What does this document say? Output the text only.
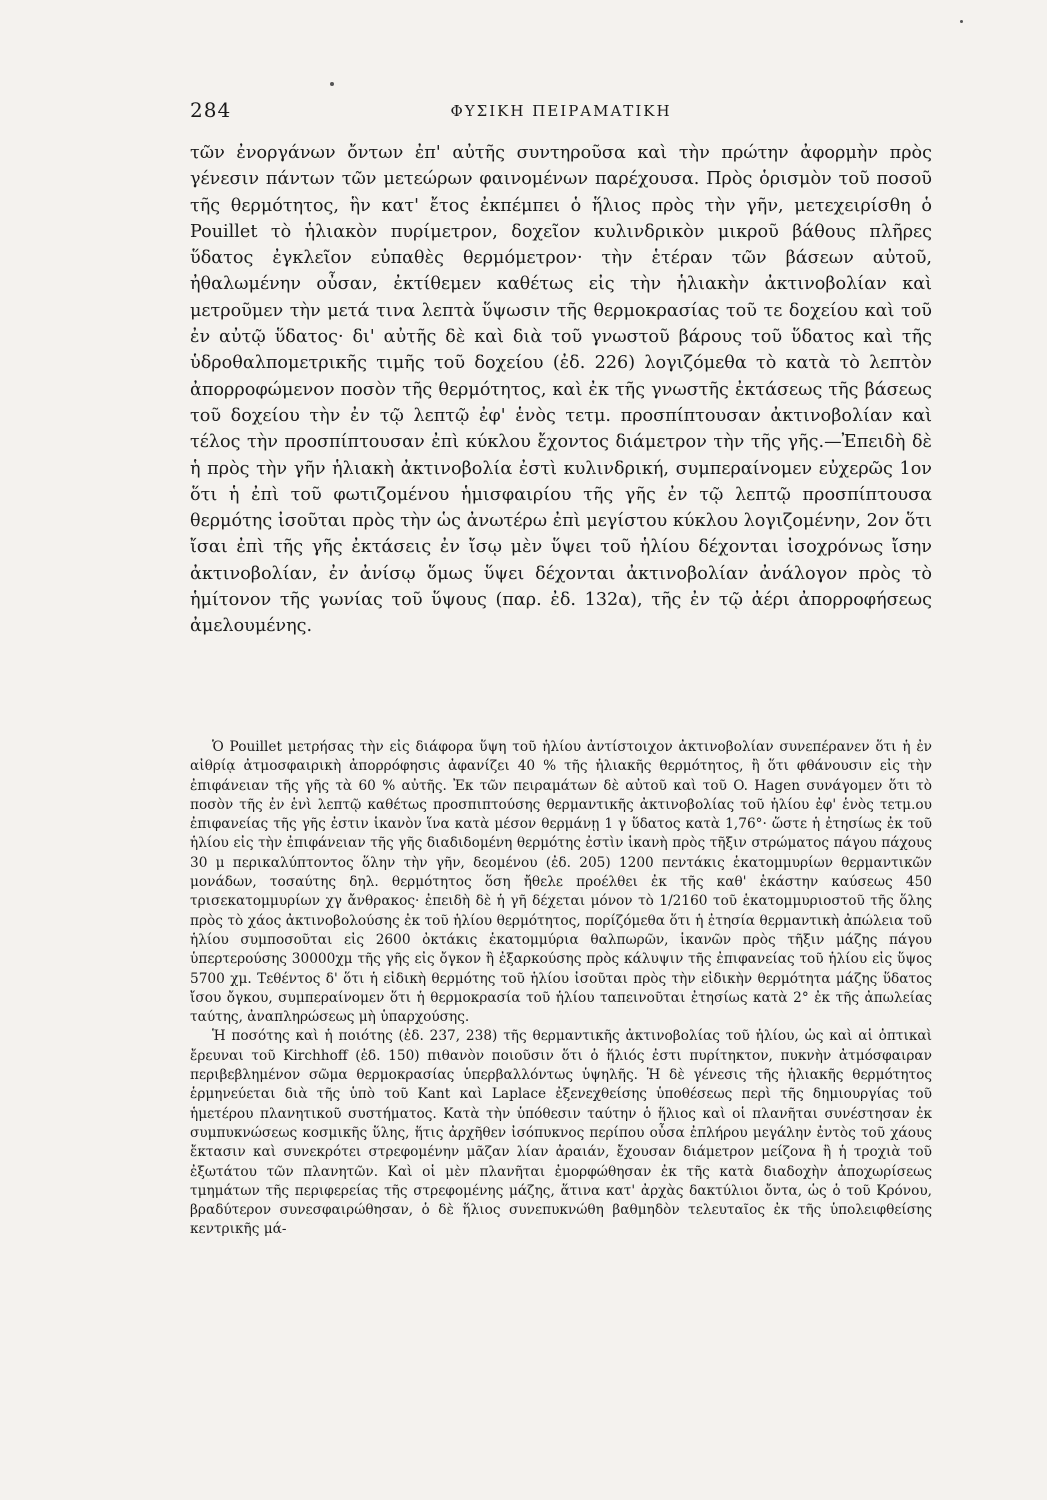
284	ΦΥΣΙΚΗ ΠΕΙΡΑΜΑΤΙΚΗ

τῶν ἐνοργάνων ὄντων ἐπ' αὐτῆς συντηροῦσα καὶ τὴν πρώτην ἀφορμὴν πρὸς γένεσιν πάντων τῶν μετεώρων φαινομένων παρέχουσα. Πρὸς ὁρισμὸν τοῦ ποσοῦ τῆς θερμότητος, ἣν κατ' ἔτος ἐκπέμπει ὁ ἥλιος πρὸς τὴν γῆν, μετεχειρίσθη ὁ Pouillet τὸ ἡλιακὸν πυρίμετρον, δοχεῖον κυλινδρικὸν μικροῦ βάθους πλῆρες ὕδατος ἐγκλεῖον εὐπαθὲς θερμόμετρον· τὴν ἑτέραν τῶν βάσεων αὐτοῦ, ἠθαλωμένην οὖσαν, ἐκτίθεμεν καθέτως εἰς τὴν ἡλιακὴν ἀκτινοβολίαν καὶ μετροῦμεν τὴν μετά τινα λεπτὰ ὕψωσιν τῆς θερμοκρασίας τοῦ τε δοχείου καὶ τοῦ ἐν αὐτῷ ὕδατος· δι' αὐτῆς δὲ καὶ διὰ τοῦ γνωστοῦ βάρους τοῦ ὕδατος καὶ τῆς ὑδροθαλπομετρικῆς τιμῆς τοῦ δοχείου (ἐδ. 226) λογιζόμεθα τὸ κατὰ τὸ λεπτὸν ἀπορροφώμενον ποσὸν τῆς θερμότητος, καὶ ἐκ τῆς γνωστῆς ἐκτάσεως τῆς βάσεως τοῦ δοχείου τὴν ἐν τῷ λεπτῷ ἐφ' ἑνὸς τετμ. προσπίπτουσαν ἀκτινοβολίαν καὶ τέλος τὴν προσπίπτουσαν ἐπὶ κύκλου ἔχοντος διάμετρον τὴν τῆς γῆς.—Ἐπειδὴ δὲ ἡ πρὸς τὴν γῆν ἡλιακὴ ἀκτινοβολία ἐστὶ κυλινδρική, συμπεραίνομεν εὐχερῶς 1ον ὅτι ἡ ἐπὶ τοῦ φωτιζομένου ἡμισφαιρίου τῆς γῆς ἐν τῷ λεπτῷ προσπίπτουσα θερμότης ἰσοῦται πρὸς τὴν ὡς ἀνωτέρω ἐπὶ μεγίστου κύκλου λογιζομένην, 2ον ὅτι ἴσαι ἐπὶ τῆς γῆς ἐκτάσεις ἐν ἴσῳ μὲν ὕψει τοῦ ἡλίου δέχονται ἰσοχρόνως ἴσην ἀκτινοβολίαν, ἐν ἀνίσῳ ὅμως ὕψει δέχονται ἀκτινοβολίαν ἀνάλογον πρὸς τὸ ἡμίτονον τῆς γωνίας τοῦ ὕψους (παρ. ἐδ. 132α), τῆς ἐν τῷ ἀέρι ἀπορροφήσεως ἀμελουμένης.

Ὁ Pouillet μετρήσας τὴν εἰς διάφορα ὕψη τοῦ ἡλίου ἀντίστοιχον ἀκτινοβολίαν συνεπέρανεν ὅτι ἡ ἐν αἰθρίᾳ ἀτμοσφαιρικὴ ἀπορρόφησις ἀφανίζει 40 % τῆς ἡλιακῆς θερμότητος, ἢ ὅτι φθάνουσιν εἰς τὴν ἐπιφάνειαν τῆς γῆς τὰ 60 % αὐτῆς. Ἐκ τῶν πειραμάτων δὲ αὐτοῦ καὶ τοῦ O. Hagen συνάγομεν ὅτι τὸ ποσὸν τῆς ἐν ἑνὶ λεπτῷ καθέτως προσπιπτούσης θερμαντικῆς ἀκτινοβολίας τοῦ ἡλίου ἐφ' ἑνὸς τετμ.ου ἐπιφανείας τῆς γῆς ἐστιν ἱκανὸν ἵνα κατὰ μέσον θερμάνῃ 1 γ ὕδατος κατὰ 1,76°· ὥστε ἡ ἐτησίως ἐκ τοῦ ἡλίου εἰς τὴν ἐπιφάνειαν τῆς γῆς διαδιδομένη θερμότης ἐστὶν ἱκανὴ πρὸς τῆξιν στρώματος πάγου πάχους 30 μ περικαλύπτοντος ὅλην τὴν γῆν, δεομένου (ἐδ. 205) 1200 πεντάκις ἑκατομμυρίων θερμαντικῶν μονάδων, τοσαύτης δηλ. θερμότητος ὅση ἤθελε προέλθει ἐκ τῆς καθ' ἑκάστην καύσεως 450 τρισεκατομμυρίων χγ ἄνθρακος· ἐπειδὴ δὲ ἡ γῆ δέχεται μόνον τὸ 1/2160 τοῦ ἑκατομμυριοστοῦ τῆς ὅλης πρὸς τὸ χάος ἀκτινοβολούσης ἐκ τοῦ ἡλίου θερμότητος, πορίζόμεθα ὅτι ἡ ἐτησία θερμαντικὴ ἀπώλεια τοῦ ἡλίου συμποσοῦται εἰς 2600 ὀκτάκις ἑκατομμύρια θαλπωρῶν, ἱκανῶν πρὸς τῆξιν μάζης πάγου ὑπερτερούσης 30000χμ τῆς γῆς εἰς ὄγκον ἢ ἐξαρκούσης πρὸς κάλυψιν τῆς ἐπιφανείας τοῦ ἡλίου εἰς ὕψος 5700 χμ. Τεθέντος δ' ὅτι ἡ εἰδικὴ θερμότης τοῦ ἡλίου ἰσοῦται πρὸς τὴν εἰδικὴν θερμότητα μάζης ὕδατος ἴσου ὄγκου, συμπεραίνομεν ὅτι ἡ θερμοκρασία τοῦ ἡλίου ταπεινοῦται ἐτησίως κατὰ 2° ἐκ τῆς ἀπωλείας ταύτης, ἀναπληρώσεως μὴ ὑπαρχούσης.

Ἡ ποσότης καὶ ἡ ποιότης (ἐδ. 237, 238) τῆς θερμαντικῆς ἀκτινοβολίας τοῦ ἡλίου, ὡς καὶ αἱ ὀπτικαὶ ἔρευναι τοῦ Kirchhoff (ἐδ. 150) πιθανὸν ποιοῦσιν ὅτι ὁ ἥλιός ἐστι πυρίτηκτον, πυκνὴν ἀτμόσφαιραν περιβεβλημένον σῶμα θερμοκρασίας ὑπερβαλλόντως ὑψηλῆς. Ἡ δὲ γένεσις τῆς ἡλιακῆς θερμότητος ἑρμηνεύεται διὰ τῆς ὑπὸ τοῦ Kant καὶ Laplace ἐξενεχθείσης ὑποθέσεως περὶ τῆς δημιουργίας τοῦ ἡμετέρου πλανητικοῦ συστήματος. Κατὰ τὴν ὑπόθεσιν ταύτην ὁ ἥλιος καὶ οἱ πλανῆται συνέστησαν ἐκ συμπυκνώσεως κοσμικῆς ὕλης, ἥτις ἀρχῆθεν ἰσόπυκνος περίπου οὖσα ἐπλήρου μεγάλην ἐντὸς τοῦ χάους ἔκτασιν καὶ συνεκρότει στρεφομένην μᾶζαν λίαν ἀραιάν, ἔχουσαν διάμετρον μείζονα ἢ ἡ τροχιὰ τοῦ ἐξωτάτου τῶν πλανητῶν. Καὶ οἱ μὲν πλανῆται ἐμορφώθησαν ἐκ τῆς κατὰ διαδοχὴν ἀποχωρίσεως τμημάτων τῆς περιφερείας τῆς στρεφομένης μάζης, ἅτινα κατ' ἀρχὰς δακτύλιοι ὄντα, ὡς ὁ τοῦ Κρόνου, βραδύτερον συνεσφαιρώθησαν, ὁ δὲ ἥλιος συνεπυκνώθη βαθμηδὸν τελευταῖος ἐκ τῆς ὑπολειφθείσης κεντρικῆς μά-
